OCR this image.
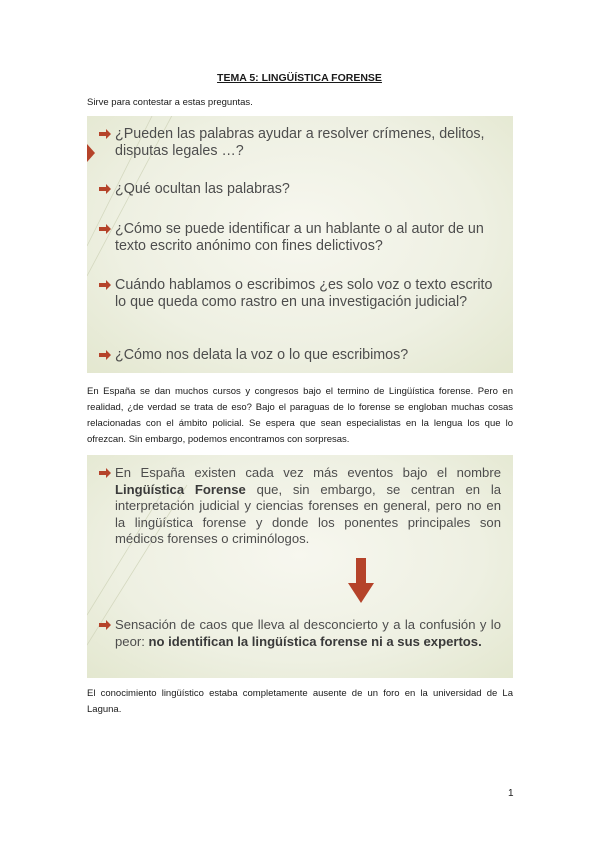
TEMA 5: LINGÜÍSTICA FORENSE
Sirve para contestar a estas preguntas.
¿Pueden las palabras ayudar a resolver crímenes, delitos, disputas legales …?
¿Qué ocultan las palabras?
¿Cómo se puede identificar a un hablante o al autor de un texto escrito anónimo con fines delictivos?
Cuándo hablamos o escribimos ¿es solo voz o texto escrito lo que queda como rastro en una investigación judicial?
¿Cómo nos delata la voz o lo que escribimos?
En España se dan muchos cursos y congresos bajo el termino de Lingüística forense. Pero en realidad, ¿de verdad se trata de eso? Bajo el paraguas de lo forense se engloban muchas cosas relacionadas con el ámbito policial. Se espera que sean especialistas en la lengua los que lo ofrezcan. Sin embargo, podemos encontramos con sorpresas.
En España existen cada vez más eventos bajo el nombre Lingüística Forense que, sin embargo, se centran en la interpretación judicial y ciencias forenses en general, pero no en la lingüística forense y donde los ponentes principales son médicos forenses o criminólogos.
Sensación de caos que lleva al desconcierto y a la confusión y lo peor: no identifican la lingüística forense ni a sus expertos.
El conocimiento lingüístico estaba completamente ausente de un foro en la universidad de La Laguna.
1
